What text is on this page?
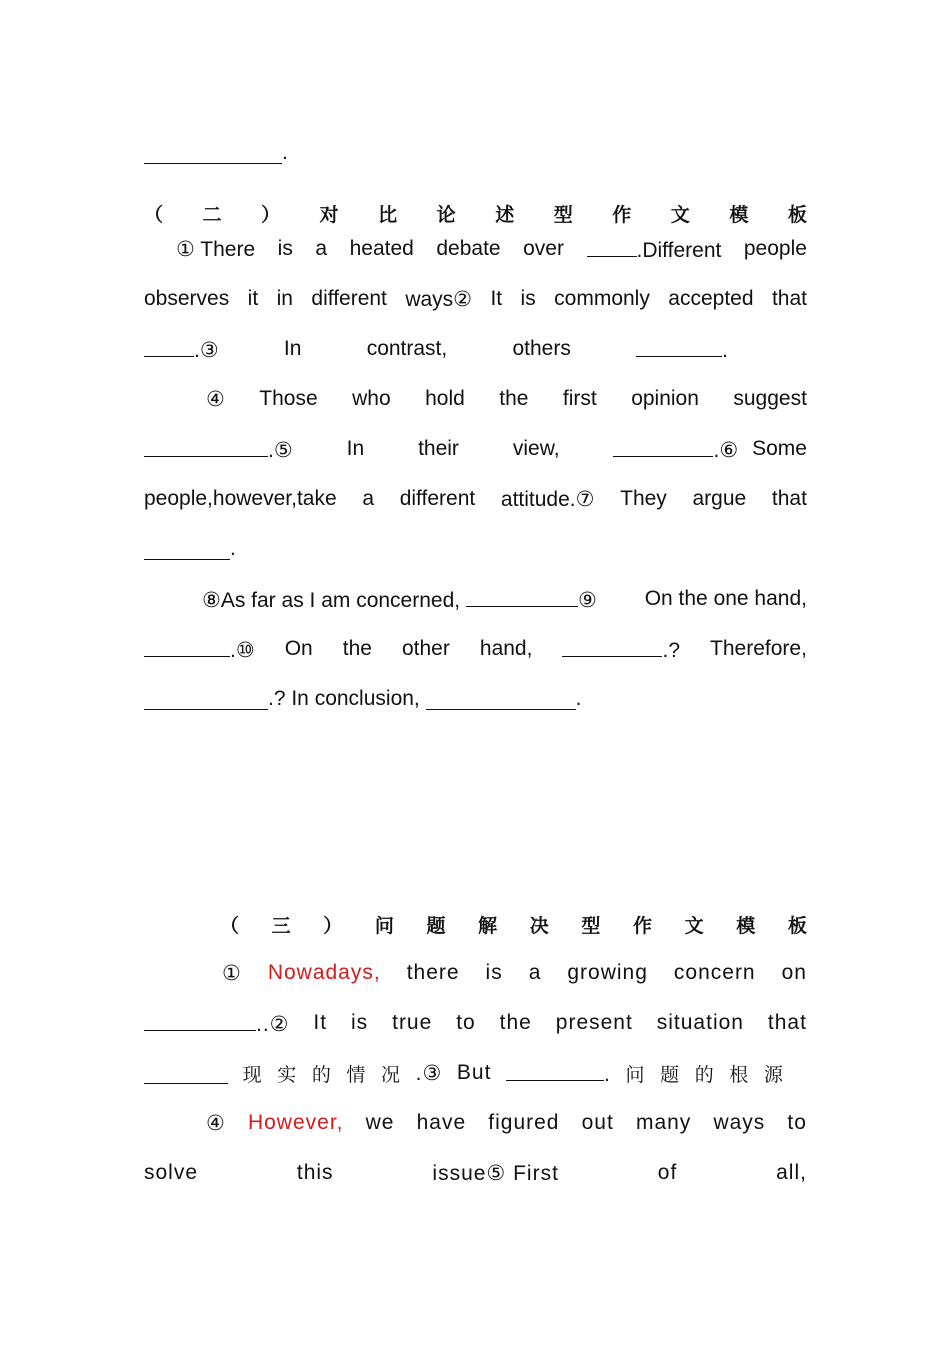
.
（ 二 ） 对 比 论 述 型 作 文 模 板
① There is a heated debate over	.Different people
observes it in different ways② It is commonly accepted that
.③	In	contrast,	others	.
④ Those who hold the first opinion suggest
.⑤	In	their	view,	.⑥ Some
people,however,take a different attitude.⑦ They argue that
.
⑧As far as I am concerned,	⑨ On the one hand,
.⑩ On the other hand,	.? Therefore,
.? In conclusion,
	.
（ 三 ） 问 题 解 决 型 作 文 模 板
① Nowadays, there is a growing concern on
..② It is true to the present situation that
现 实 的 情 况 .③ But	. 问 题 的 根 源
④ However, we have figured out many ways to
solve	this	issue⑤ First	of	all,
